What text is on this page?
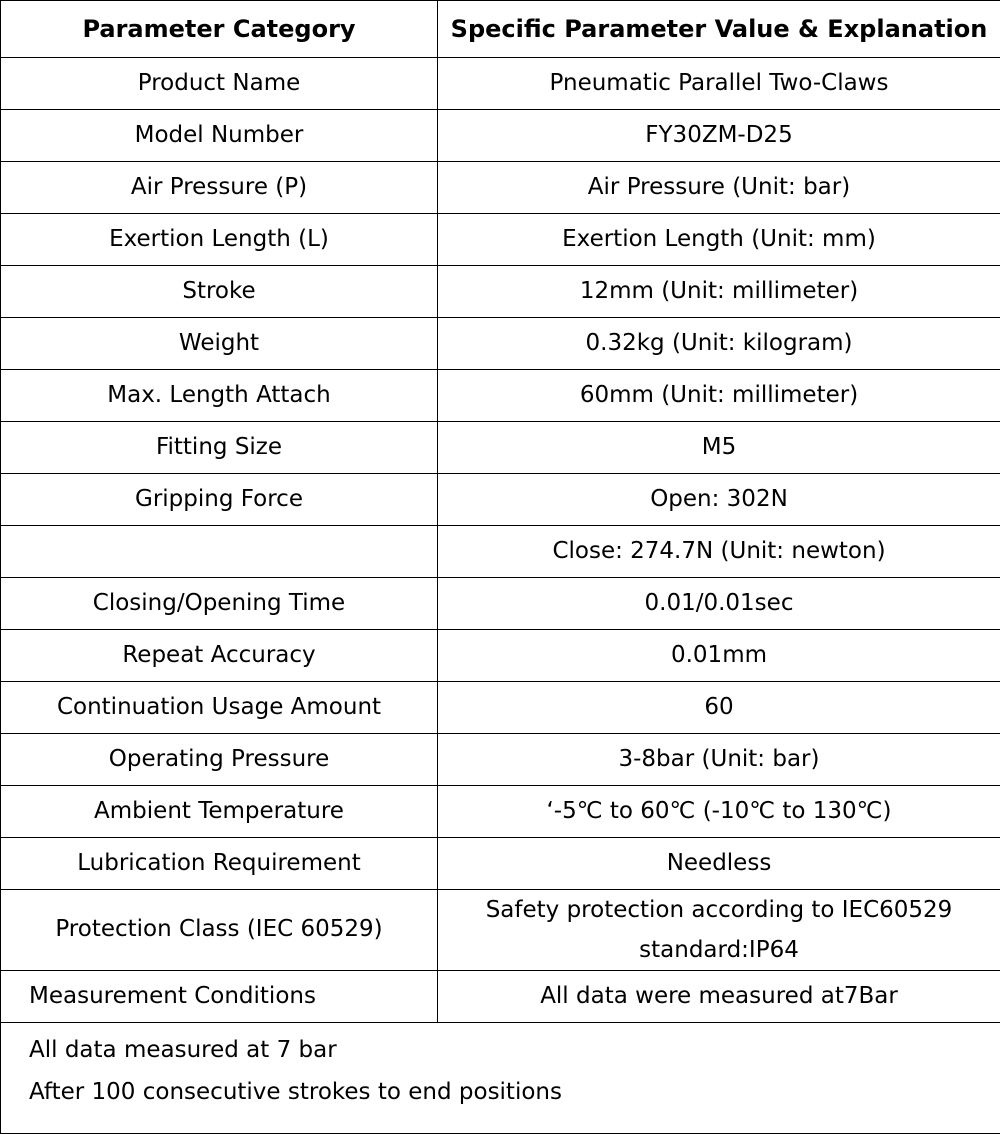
Parameter Category	Specific Parameter Value & Explanation
Product Name	Pneumatic Parallel Two-Claws
Model Number	FY30ZM-D25
Air Pressure (P)	Air Pressure (Unit: bar)
Exertion Length (L)	Exertion Length (Unit: mm)
Stroke	12mm (Unit: millimeter)
Weight	0.32kg (Unit: kilogram)
Max. Length Attach	60mm (Unit: millimeter)
Fitting Size	M5
Gripping Force	Open: 302N
	Close: 274.7N (Unit: newton)
Closing/Opening Time	0.01/0.01sec
Repeat Accuracy	0.01mm
Continuation Usage Amount	60
Operating Pressure	3-8bar (Unit: bar)
Ambient Temperature	‘-5℃ to 60℃ (-10℃ to 130℃)
Lubrication Requirement	Needless
Protection Class (IEC 60529)	Safety protection according to IEC60529 standard:IP64
Measurement Conditions	All data were measured at7Bar

All data measured at 7 bar
After 100 consecutive strokes to end positions	
